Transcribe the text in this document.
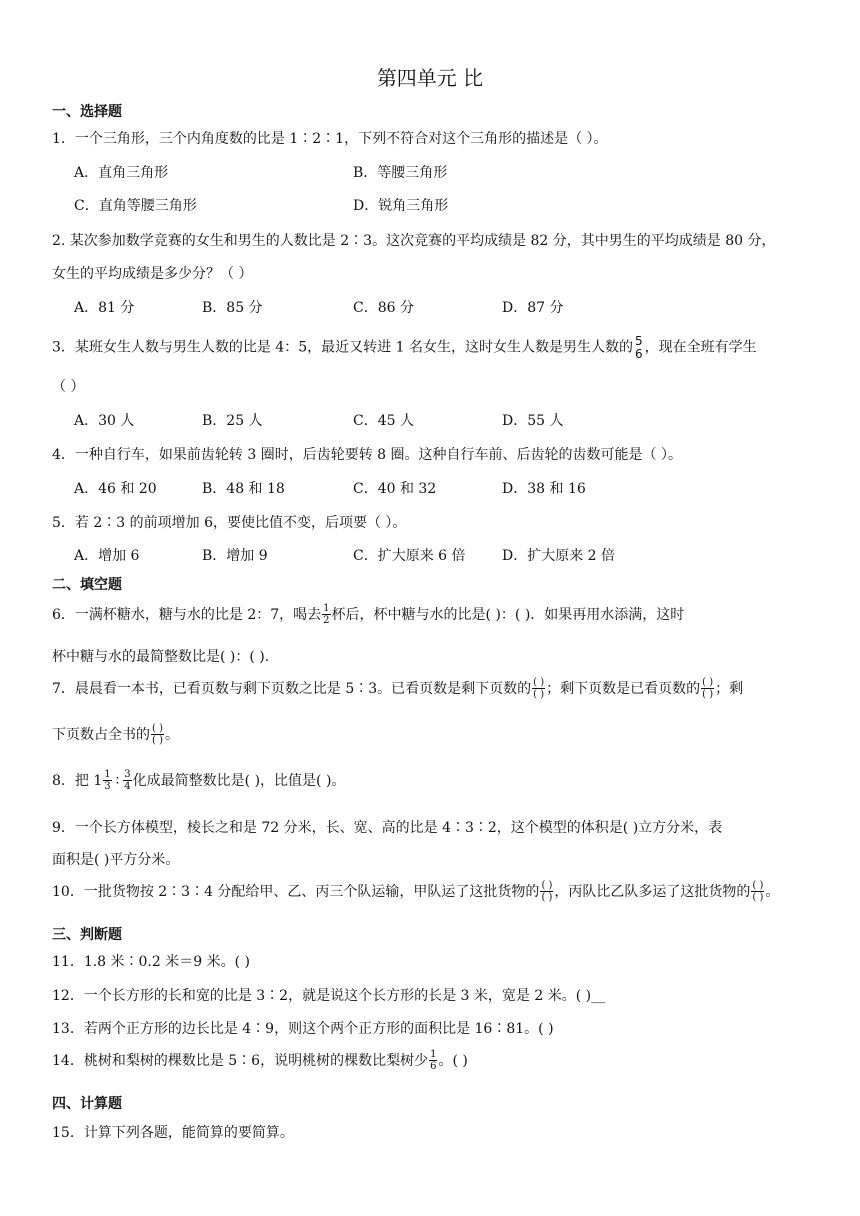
第四单元 比
一、选择题
1．一个三角形，三个内角度数的比是 1∶2∶1，下列不符合对这个三角形的描述是（ ）。
A．直角三角形	B．等腰三角形
C．直角等腰三角形	D．锐角三角形
2. 某次参加数学竞赛的女生和男生的人数比是 2∶3。这次竞赛的平均成绩是 82 分，其中男生的平均成绩是 80 分，
女生的平均成绩是多少分？（ ）
A．81 分	B．85 分	C．86 分	D．87 分
3．某班女生人数与男生人数的比是 4：5，最近又转进 1 名女生，这时女生人数是男生人数的 5
6 ，现在全班有学生
（ ）
A．30 人	B．25 人	C．45 人	D．55 人
4．一种自行车，如果前齿轮转 3 圈时，后齿轮要转 8 圈。这种自行车前、后齿轮的齿数可能是（ ）。
A．46 和 20	B．48 和 18	C．40 和 32	D．38 和 16
5．若 2∶3 的前项增加 6，要使比值不变，后项要（ ）。
A．增加 6	B．增加 9	C．扩大原来 6 倍	D．扩大原来 2 倍
二、填空题
6．一满杯糖水，糖与水的比是 2：7，喝去 $\frac{1}{2}$ 杯后，杯中糖与水的比是( )：( )．如果再用水添满，这时
杯中糖与水的最简整数比是( )：( ).
7．晨晨看一本书，已看页数与剩下页数之比是 5∶3。已看页数是剩下页数的 ( )
( ) ；剩下页数是已看页数的 ( )
( ) ；剩
下页数占全书的 ( )
( ) 。
8．把 $1 \frac{1}{3}$ ∶ $\frac{3}{4}$ 化成最简整数比是( )，比值是( )。
9．一个长方体模型，棱长之和是 72 分米，长、宽、高的比是 4∶3∶2，这个模型的体积是( )立方分米，表
面积是( )平方分米。
10．一批货物按 2∶3∶4 分配给甲、乙、丙三个队运输，甲队运了这批货物的 ( )
( ) ，丙队比乙队多运了这批货物的 ( )
( ) 。
三、判断题
11．1.8 米∶0.2 米＝9 米。( )
12．一个长方形的长和宽的比是 3∶2，就是说这个长方形的长是 3 米，宽是 2 米。( )__
13．若两个正方形的边长比是 4∶9，则这个两个正方形的面积比是 16∶81。( )
14．桃树和梨树的棵数比是 5∶6，说明桃树的棵数比梨树少 $\frac{1}{6}$ 。( )
四、计算题
15．计算下列各题，能简算的要简算。
